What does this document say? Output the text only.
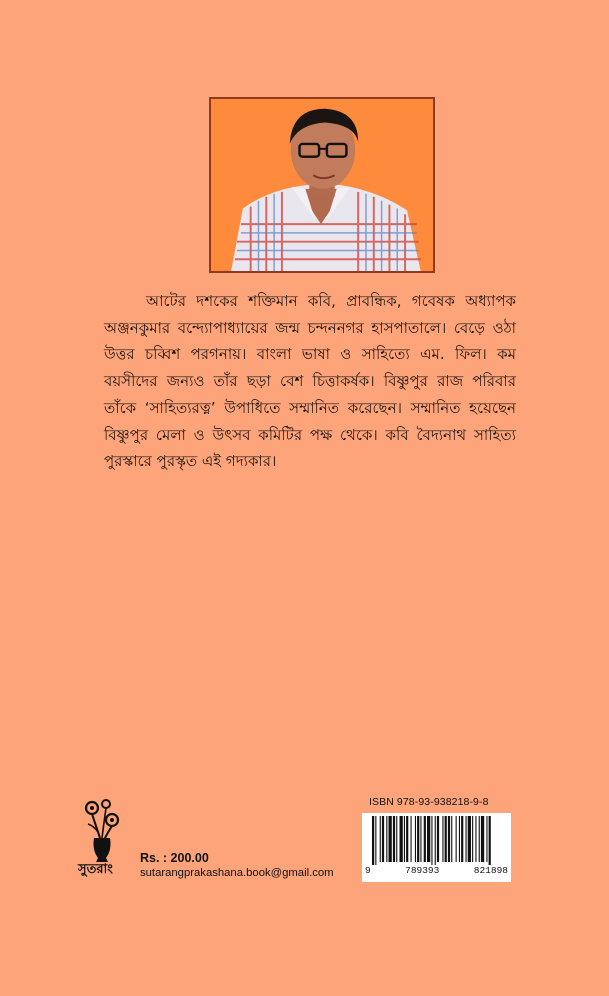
আটের দশকের শক্তিমান কবি, প্রাবন্ধিক, গবেষক অধ্যাপক অঞ্জনকুমার বন্দ্যোপাধ্যায়ের জন্ম চন্দননগর হাসপাতালে। বেড়ে ওঠা উত্তর চব্বিশ পরগনায়। বাংলা ভাষা ও সাহিত্যে এম. ফিল। কম বয়সীদের জন্যও তাঁর ছড়া বেশ চিত্তাকর্ষক। বিষ্ণুপুর রাজ পরিবার তাঁকে ‘সাহিত্যরত্ন’ উপাধিতে সম্মানিত করেছেন। সম্মানিত হয়েছেন বিষ্ণুপুর মেলা ও উৎসব কমিটির পক্ষ থেকে। কবি বৈদ্যনাথ সাহিত্য পুরস্কারে পুরস্কৃত এই গদ্যকার।

সুতরাং
Rs. : 200.00
sutarangprakashana.book@gmail.com
ISBN 978-93-93821​8-9-8
9	789393	821898
